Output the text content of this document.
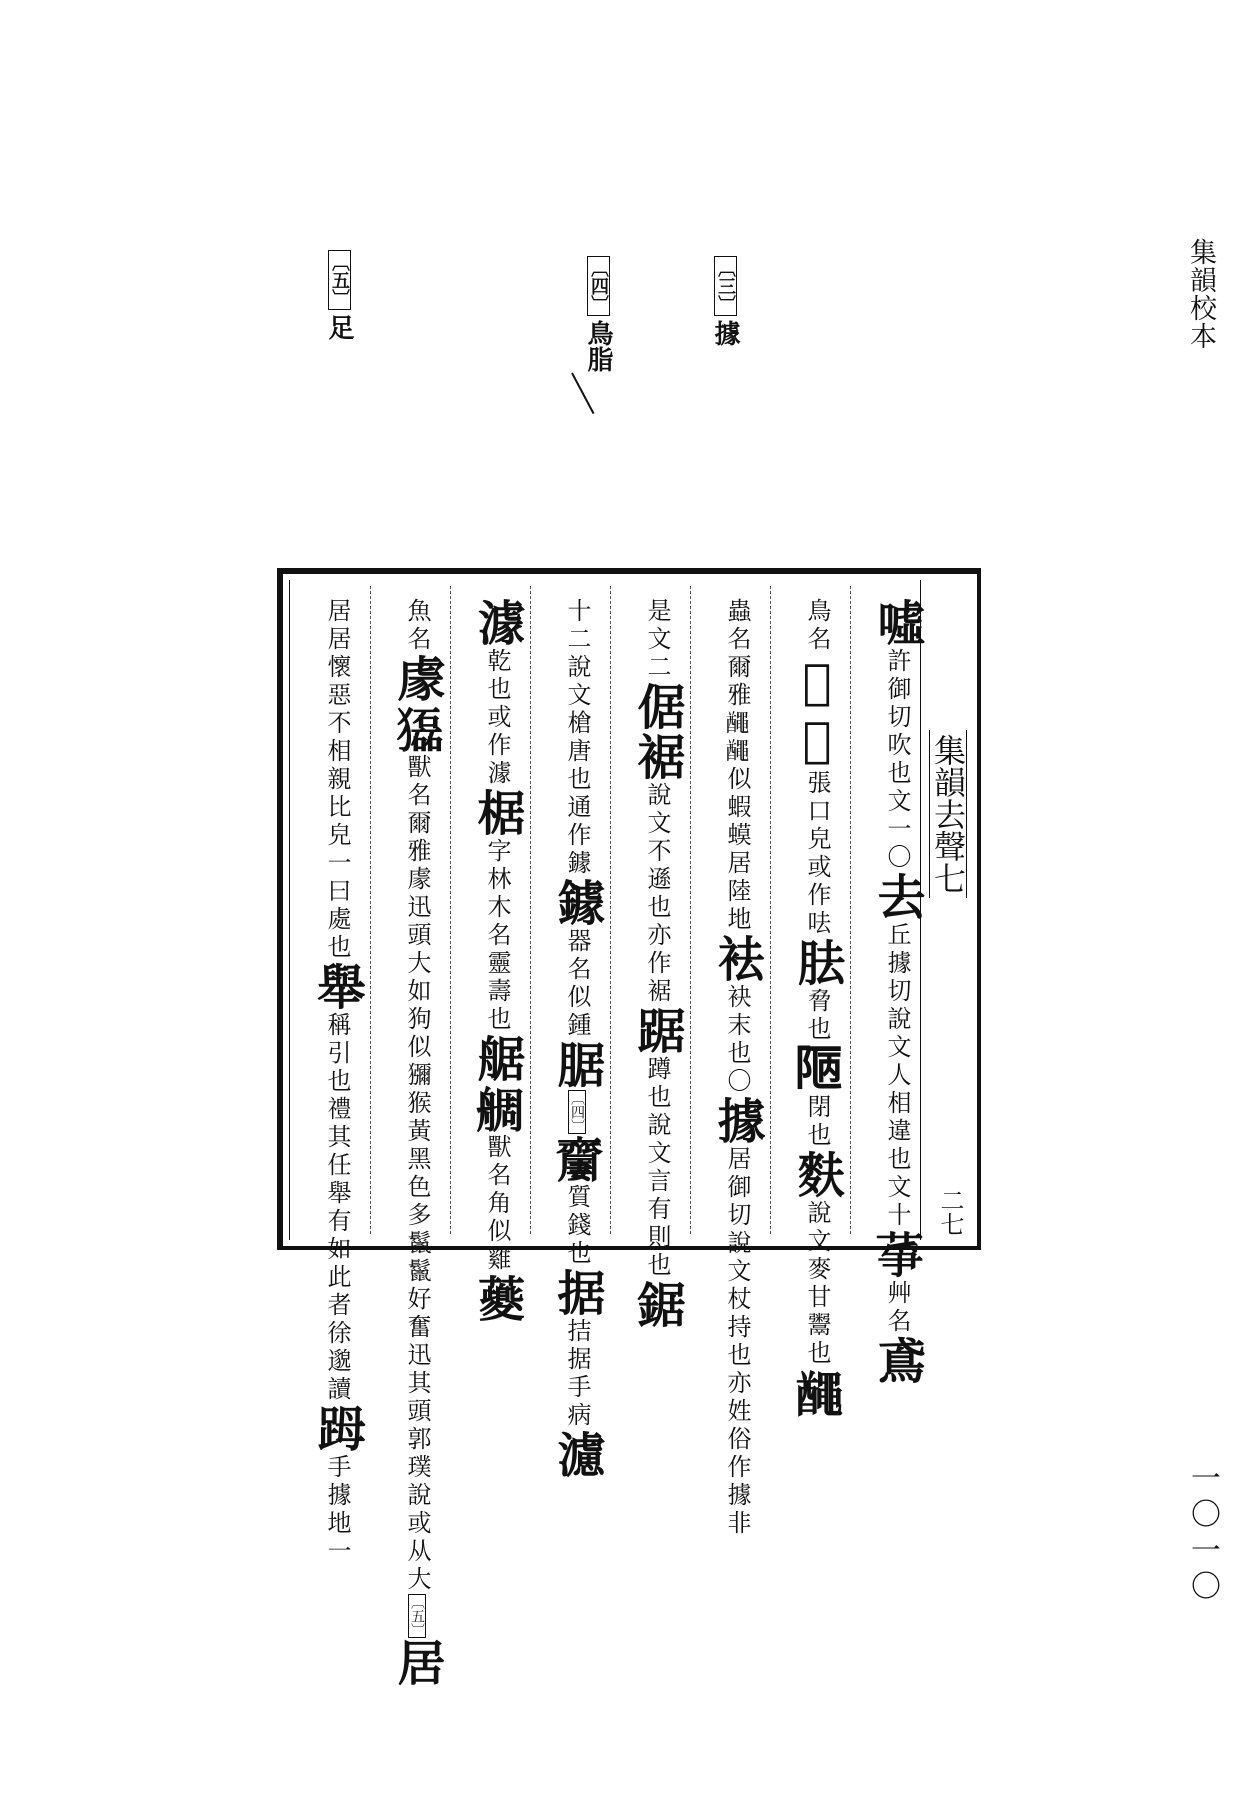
集韻校本
〔三〕據
〔四〕鳥脂
〔五〕足
噓許御切吹也文一〇去丘據切說文人相違也文十𦱊艸名鳶
鳥名𩔩呿張口皃或作呿胠脅也𨹟閉也麩說文麥甘鬻也𪓰
蟲名爾雅𪓰𪓰似蝦蟆居陸地袪袂末也〇據居御切說文杖持也亦姓俗作據非
是文二倨裾說文不遜也亦作裾踞蹲也說文言有則也鋸
十二說文槍唐也通作鐻鐻器名似鍾腒〔四〕𪗍質錢也据拮据手病濾
澽乾也或作澽椐字林木名靈壽也艍𦩍獸名角似雞𧃍
魚名豦𤢿獸名爾雅豦迅頭大如狗似獼猴黃黑色多鬣鬣好奮迅其頭郭璞說或从大〔五〕居
居居懷惡不相親比皃一曰處也舉稱引也禮其任舉有如此者徐邈讀𧿹手據地一
集韻去聲七
二七
一〇一〇
